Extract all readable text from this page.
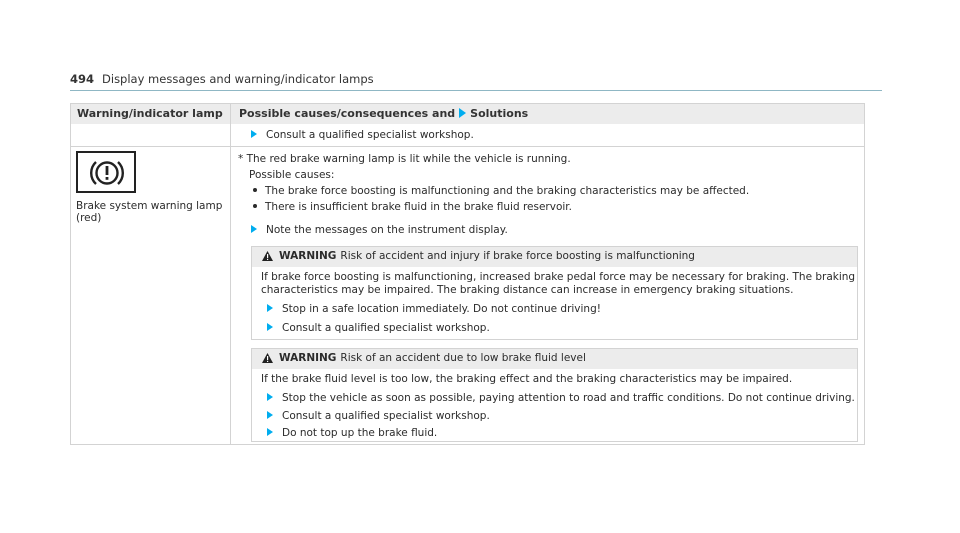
494 Display messages and warning/indicator lamps
Warning/indicator lamp Possible causes/consequences and Solutions
Consult a qualified specialist workshop.
Brake system warning lamp
(red)
* The red brake warning lamp is lit while the vehicle is running.
Possible causes:
The brake force boosting is malfunctioning and the braking characteristics may be affected.
There is insufficient brake fluid in the brake fluid reservoir.
Note the messages on the instrument display.
WARNING Risk of accident and injury if brake force boosting is malfunctioning
If brake force boosting is malfunctioning, increased brake pedal force may be necessary for braking. The braking
characteristics may be impaired. The braking distance can increase in emergency braking situations.
Stop in a safe location immediately. Do not continue driving!
Consult a qualified specialist workshop.
WARNING Risk of an accident due to low brake fluid level
If the brake fluid level is too low, the braking effect and the braking characteristics may be impaired.
Stop the vehicle as soon as possible, paying attention to road and traffic conditions. Do not continue driving.
Consult a qualified specialist workshop.
Do not top up the brake fluid.
